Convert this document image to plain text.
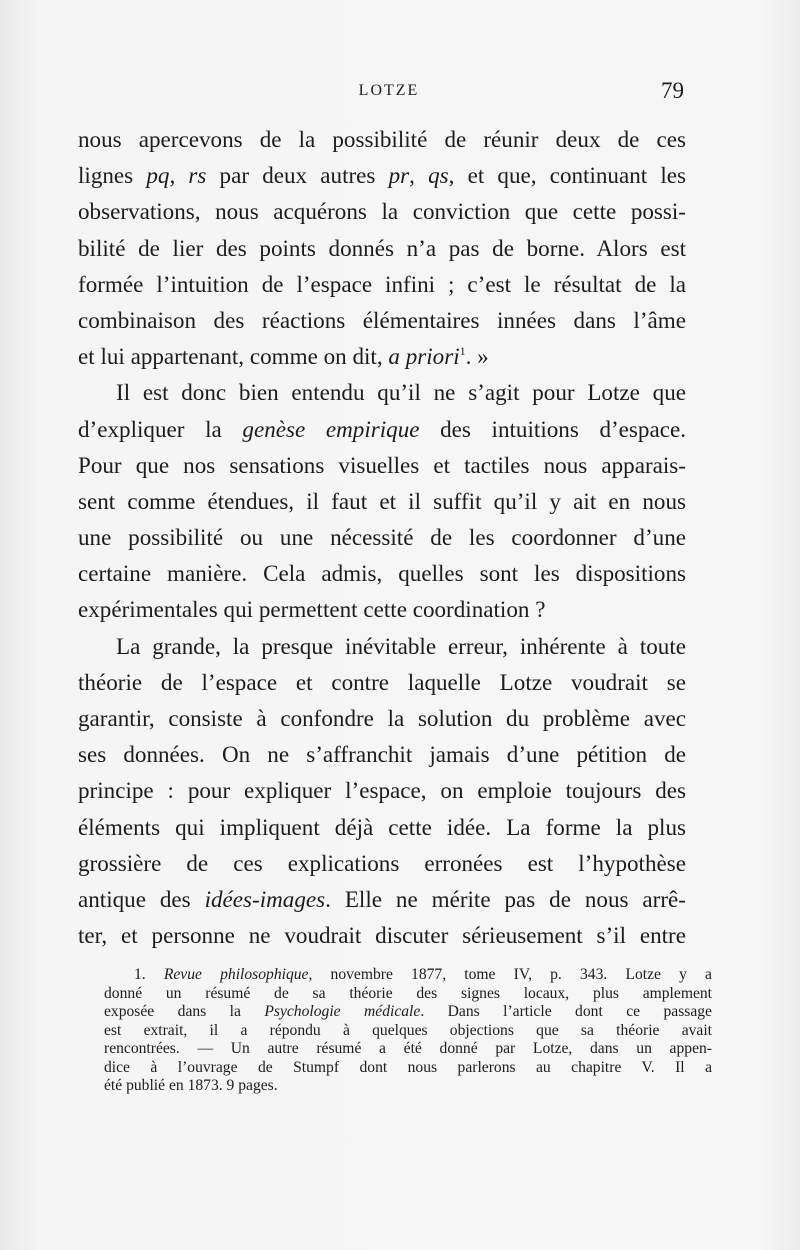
LOTZE	79
nous apercevons de la possibilité de réunir deux de ces
lignes pq, rs par deux autres pr, qs, et que, continuant les
observations, nous acquérons la conviction que cette possi-
bilité de lier des points donnés n’a pas de borne. Alors est
formée l’intuition de l’espace infini ; c’est le résultat de la
combinaison des réactions élémentaires innées dans l’âme
et lui appartenant, comme on dit, a priori$^1$. »
Il est donc bien entendu qu’il ne s’agit pour Lotze que
d’expliquer la genèse empirique des intuitions d’espace.
Pour que nos sensations visuelles et tactiles nous apparais-
sent comme étendues, il faut et il suffit qu’il y ait en nous
une possibilité ou une nécessité de les coordonner d’une
certaine manière. Cela admis, quelles sont les dispositions
expérimentales qui permettent cette coordination ?
La grande, la presque inévitable erreur, inhérente à toute
théorie de l’espace et contre laquelle Lotze voudrait se
garantir, consiste à confondre la solution du problème avec
ses données. On ne s’affranchit jamais d’une pétition de
principe : pour expliquer l’espace, on emploie toujours des
éléments qui impliquent déjà cette idée. La forme la plus
grossière de ces explications erronées est l’hypothèse
antique des idées-images. Elle ne mérite pas de nous arrê-
ter, et personne ne voudrait discuter sérieusement s’il entre
1. Revue philosophique, novembre 1877, tome IV, p. 343. Lotze y a
donné un résumé de sa théorie des signes locaux, plus amplement
exposée dans la Psychologie médicale. Dans l’article dont ce passage
est extrait, il a répondu à quelques objections que sa théorie avait
rencontrées. — Un autre résumé a été donné par Lotze, dans un appen-
dice à l’ouvrage de Stumpf dont nous parlerons au chapitre V. Il a
été publié en 1873. 9 pages.
